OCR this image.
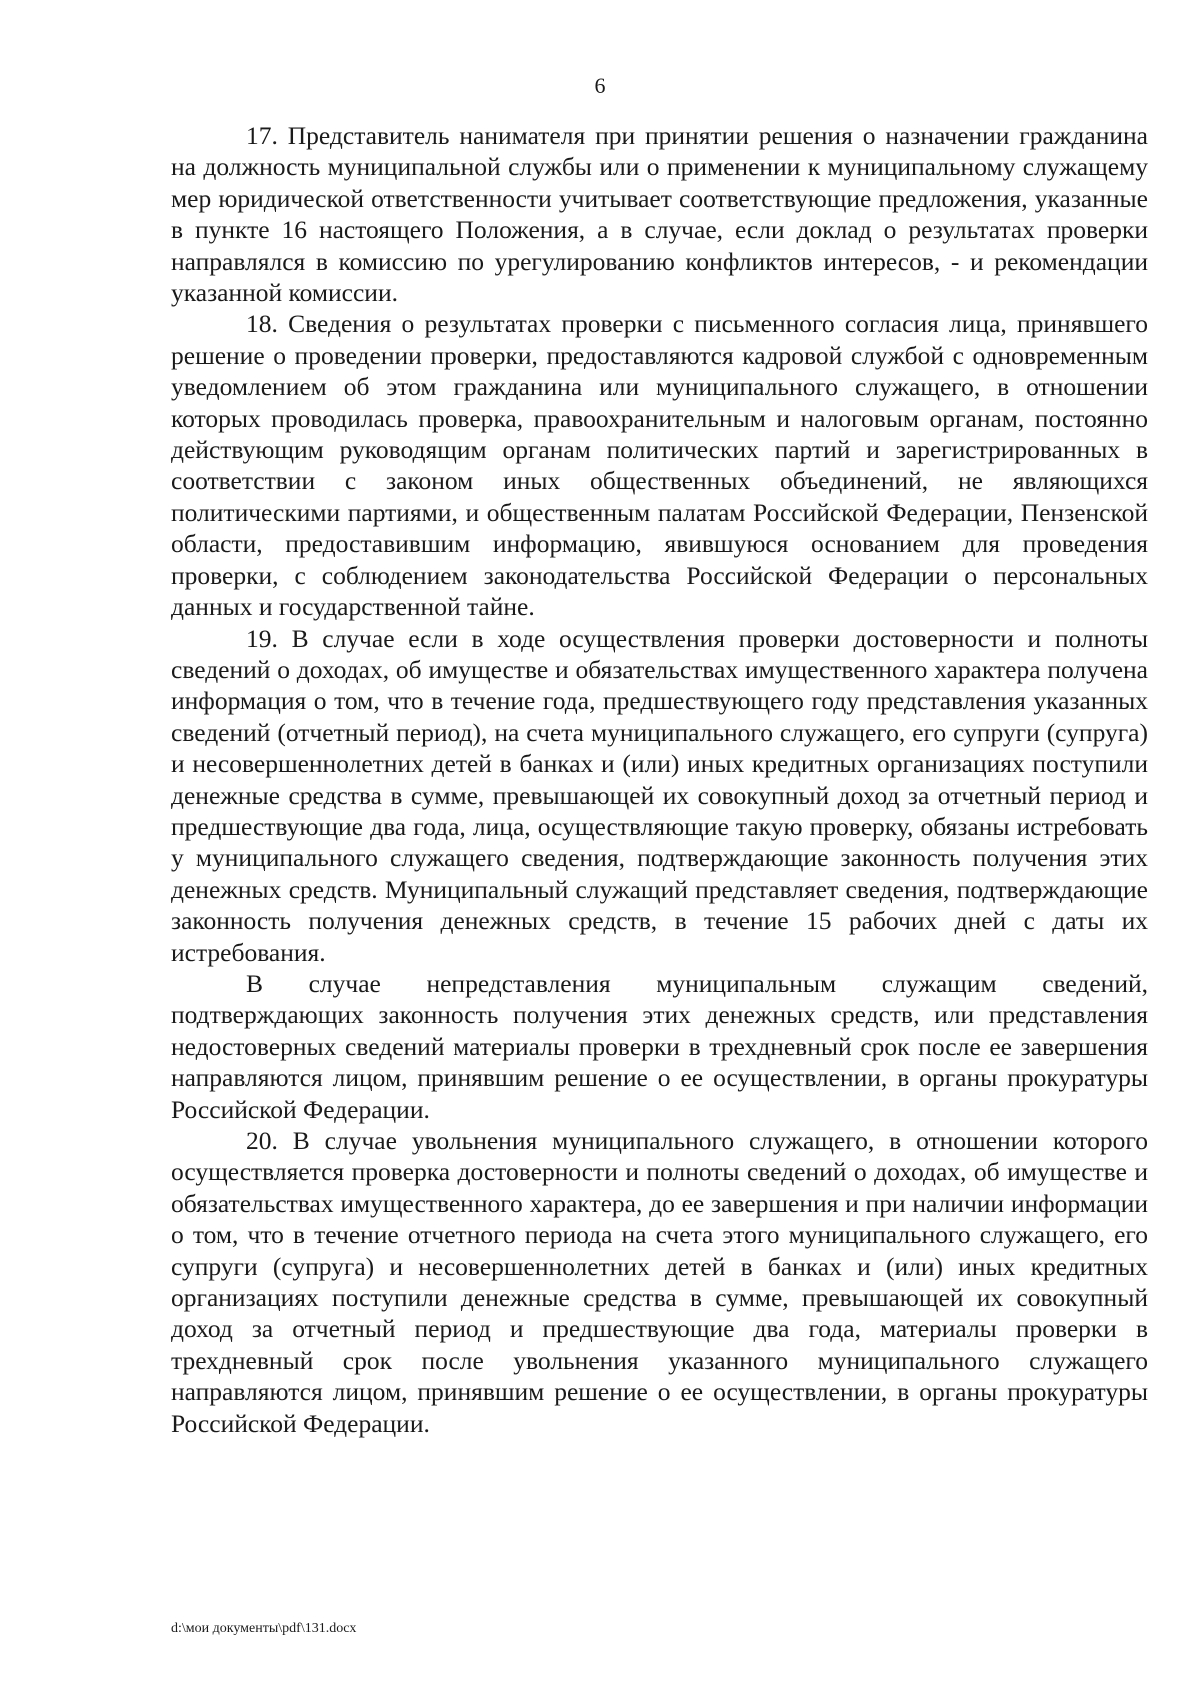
6

17. Представитель нанимателя при принятии решения о назначении гражданина на должность муниципальной службы или о применении к муниципальному служащему мер юридической ответственности учитывает соответствующие предложения, указанные в пункте 16 настоящего Положения, а в случае, если доклад о результатах проверки направлялся в комиссию по урегулированию конфликтов интересов, - и рекомендации указанной комиссии.

18. Сведения о результатах проверки с письменного согласия лица, принявшего решение о проведении проверки, предоставляются кадровой службой с одновременным уведомлением об этом гражданина или муниципального служащего, в отношении которых проводилась проверка, правоохранительным и налоговым органам, постоянно действующим руководящим органам политических партий и зарегистрированных в соответствии с законом иных общественных объединений, не являющихся политическими партиями, и общественным палатам Российской Федерации, Пензенской области, предоставившим информацию, явившуюся основанием для проведения проверки, с соблюдением законодательства Российской Федерации о персональных данных и государственной тайне.

19. В случае если в ходе осуществления проверки достоверности и полноты сведений о доходах, об имуществе и обязательствах имущественного характера получена информация о том, что в течение года, предшествующего году представления указанных сведений (отчетный период), на счета муниципального служащего, его супруги (супруга) и несовершеннолетних детей в банках и (или) иных кредитных организациях поступили денежные средства в сумме, превышающей их совокупный доход за отчетный период и предшествующие два года, лица, осуществляющие такую проверку, обязаны истребовать у муниципального служащего сведения, подтверждающие законность получения этих денежных средств. Муниципальный служащий представляет сведения, подтверждающие законность получения денежных средств, в течение 15 рабочих дней с даты их истребования.

В случае непредставления муниципальным служащим сведений, подтверждающих законность получения этих денежных средств, или представления недостоверных сведений материалы проверки в трехдневный срок после ее завершения направляются лицом, принявшим решение о ее осуществлении, в органы прокуратуры Российской Федерации.

20. В случае увольнения муниципального служащего, в отношении которого осуществляется проверка достоверности и полноты сведений о доходах, об имуществе и обязательствах имущественного характера, до ее завершения и при наличии информации о том, что в течение отчетного периода на счета этого муниципального служащего, его супруги (супруга) и несовершеннолетних детей в банках и (или) иных кредитных организациях поступили денежные средства в сумме, превышающей их совокупный доход за отчетный период и предшествующие два года, материалы проверки в трехдневный срок после увольнения указанного муниципального служащего направляются лицом, принявшим решение о ее осуществлении, в органы прокуратуры Российской Федерации.

d:\мои документы\pdf\131.docx
